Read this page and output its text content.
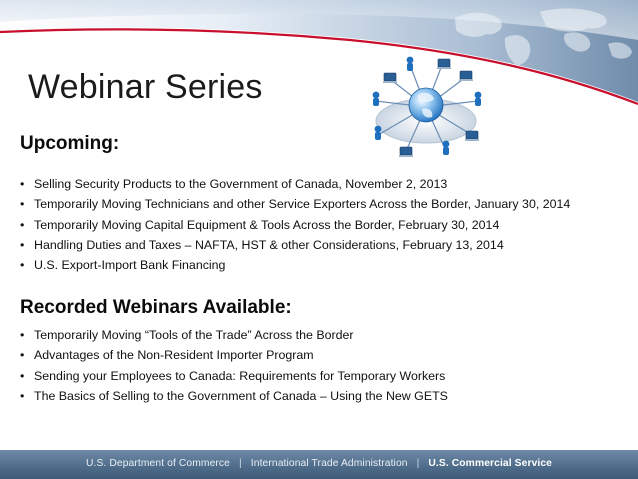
Webinar Series
Upcoming:
• Selling Security Products to the Government of Canada, November 2, 2013
• Temporarily Moving Technicians and other Service Exporters Across the Border, January 30, 2014
• Temporarily Moving Capital Equipment & Tools Across the Border, February 30, 2014
• Handling Duties and Taxes – NAFTA, HST & other Considerations, February 13, 2014
• U.S. Export-Import Bank Financing
Recorded Webinars Available:
• Temporarily Moving “Tools of the Trade” Across the Border
• Advantages of the Non-Resident Importer Program
• Sending your Employees to Canada: Requirements for Temporary Workers
• The Basics of Selling to the Government of Canada – Using the New GETS
U.S. Department of Commerce | International Trade Administration | U.S. Commercial Service
